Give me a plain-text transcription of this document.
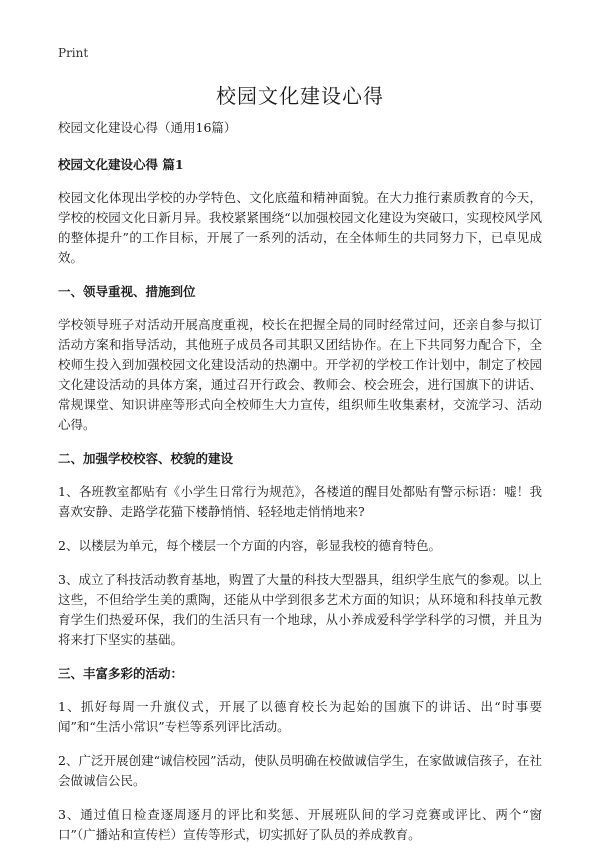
Print
校园文化建设心得
校园文化建设心得（通用16篇）
校园文化建设心得 篇1

校园文化体现出学校的办学特色、文化底蕴和精神面貌。在大力推行素质教育的今天，学校的校园文化日新月异。我校紧紧围绕“以加强校园文化建设为突破口，实现校风学风的整体提升”的工作目标，开展了一系列的活动，在全体师生的共同努力下，已卓见成效。

一、领导重视、措施到位

学校领导班子对活动开展高度重视，校长在把握全局的同时经常过问，还亲自参与拟订活动方案和指导活动，其他班子成员各司其职又团结协作。在上下共同努力配合下，全校师生投入到加强校园文化建设活动的热潮中。开学初的学校工作计划中，制定了校园文化建设活动的具体方案，通过召开行政会、教师会、校会班会，进行国旗下的讲话、常规课堂、知识讲座等形式向全校师生大力宣传，组织师生收集素材，交流学习、活动心得。

二、加强学校校容、校貌的建设

1、各班教室都贴有《小学生日常行为规范》，各楼道的醒目处都贴有警示标语：嘘！我喜欢安静、走路学花猫下楼静悄悄、轻轻地走悄悄地来?

2、以楼层为单元，每个楼层一个方面的内容，彰显我校的德育特色。

3、成立了科技活动教育基地，购置了大量的科技大型器具，组织学生底气的参观。以上这些，不但给学生美的熏陶，还能从中学到很多艺术方面的知识；从环境和科技单元教育学生们热爱环保，我们的生活只有一个地球，从小养成爱科学学科学的习惯，并且为将来打下坚实的基础。

三、丰富多彩的活动：

1、抓好每周一升旗仪式，开展了以德育校长为起始的国旗下的讲话、出“时事要闻”和“生活小常识”专栏等系列评比活动。

2、广泛开展创建“诚信校园”活动，使队员明确在校做诚信学生，在家做诚信孩子，在社会做诚信公民。

3、通过值日检查逐周逐月的评比和奖惩、开展班队间的学习竞赛或评比、两个“窗口”（广播站和宣传栏）宣传等形式，切实抓好了队员的养成教育。
